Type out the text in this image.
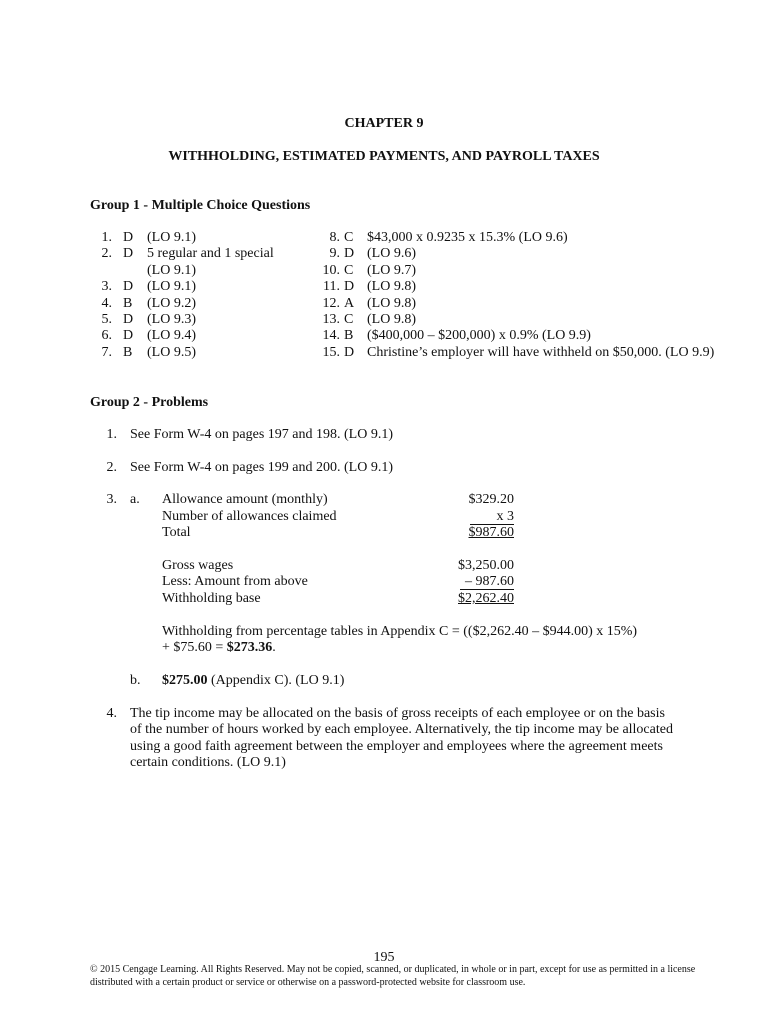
CHAPTER 9
WITHHOLDING, ESTIMATED PAYMENTS, AND PAYROLL TAXES
Group 1 - Multiple Choice Questions
1. D (LO 9.1)
2. D 5 regular and 1 special
(LO 9.1)
3. D (LO 9.1)
4. B (LO 9.2)
5. D (LO 9.3)
6. D (LO 9.4)
7. B (LO 9.5)
8. C $43,000 x 0.9235 x 15.3% (LO 9.6)
9. D (LO 9.6)
10. C (LO 9.7)
11. D (LO 9.8)
12. A (LO 9.8)
13. C (LO 9.8)
14. B ($400,000 – $200,000) x 0.9% (LO 9.9)
15. D Christine’s employer will have withheld on $50,000. (LO 9.9)
Group 2 - Problems
1. See Form W-4 on pages 197 and 198. (LO 9.1)
2. See Form W-4 on pages 199 and 200. (LO 9.1)
3. a. Allowance amount (monthly)	$329.20
Number of allowances claimed	x 3
Total	$987.60
Gross wages	$3,250.00
Less: Amount from above	– 987.60
Withholding base	$2,262.40
Withholding from percentage tables in Appendix C = (($2,262.40 – $944.00) x 15%)
+ $75.60 = $273.36.
b. $275.00 (Appendix C). (LO 9.1)
4. The tip income may be allocated on the basis of gross receipts of each employee or on the basis
of the number of hours worked by each employee. Alternatively, the tip income may be allocated
using a good faith agreement between the employer and employees where the agreement meets
certain conditions. (LO 9.1)
195
© 2015 Cengage Learning. All Rights Reserved. May not be copied, scanned, or duplicated, in whole or in part, except for use as permitted in a license
distributed with a certain product or service or otherwise on a password-protected website for classroom use.
